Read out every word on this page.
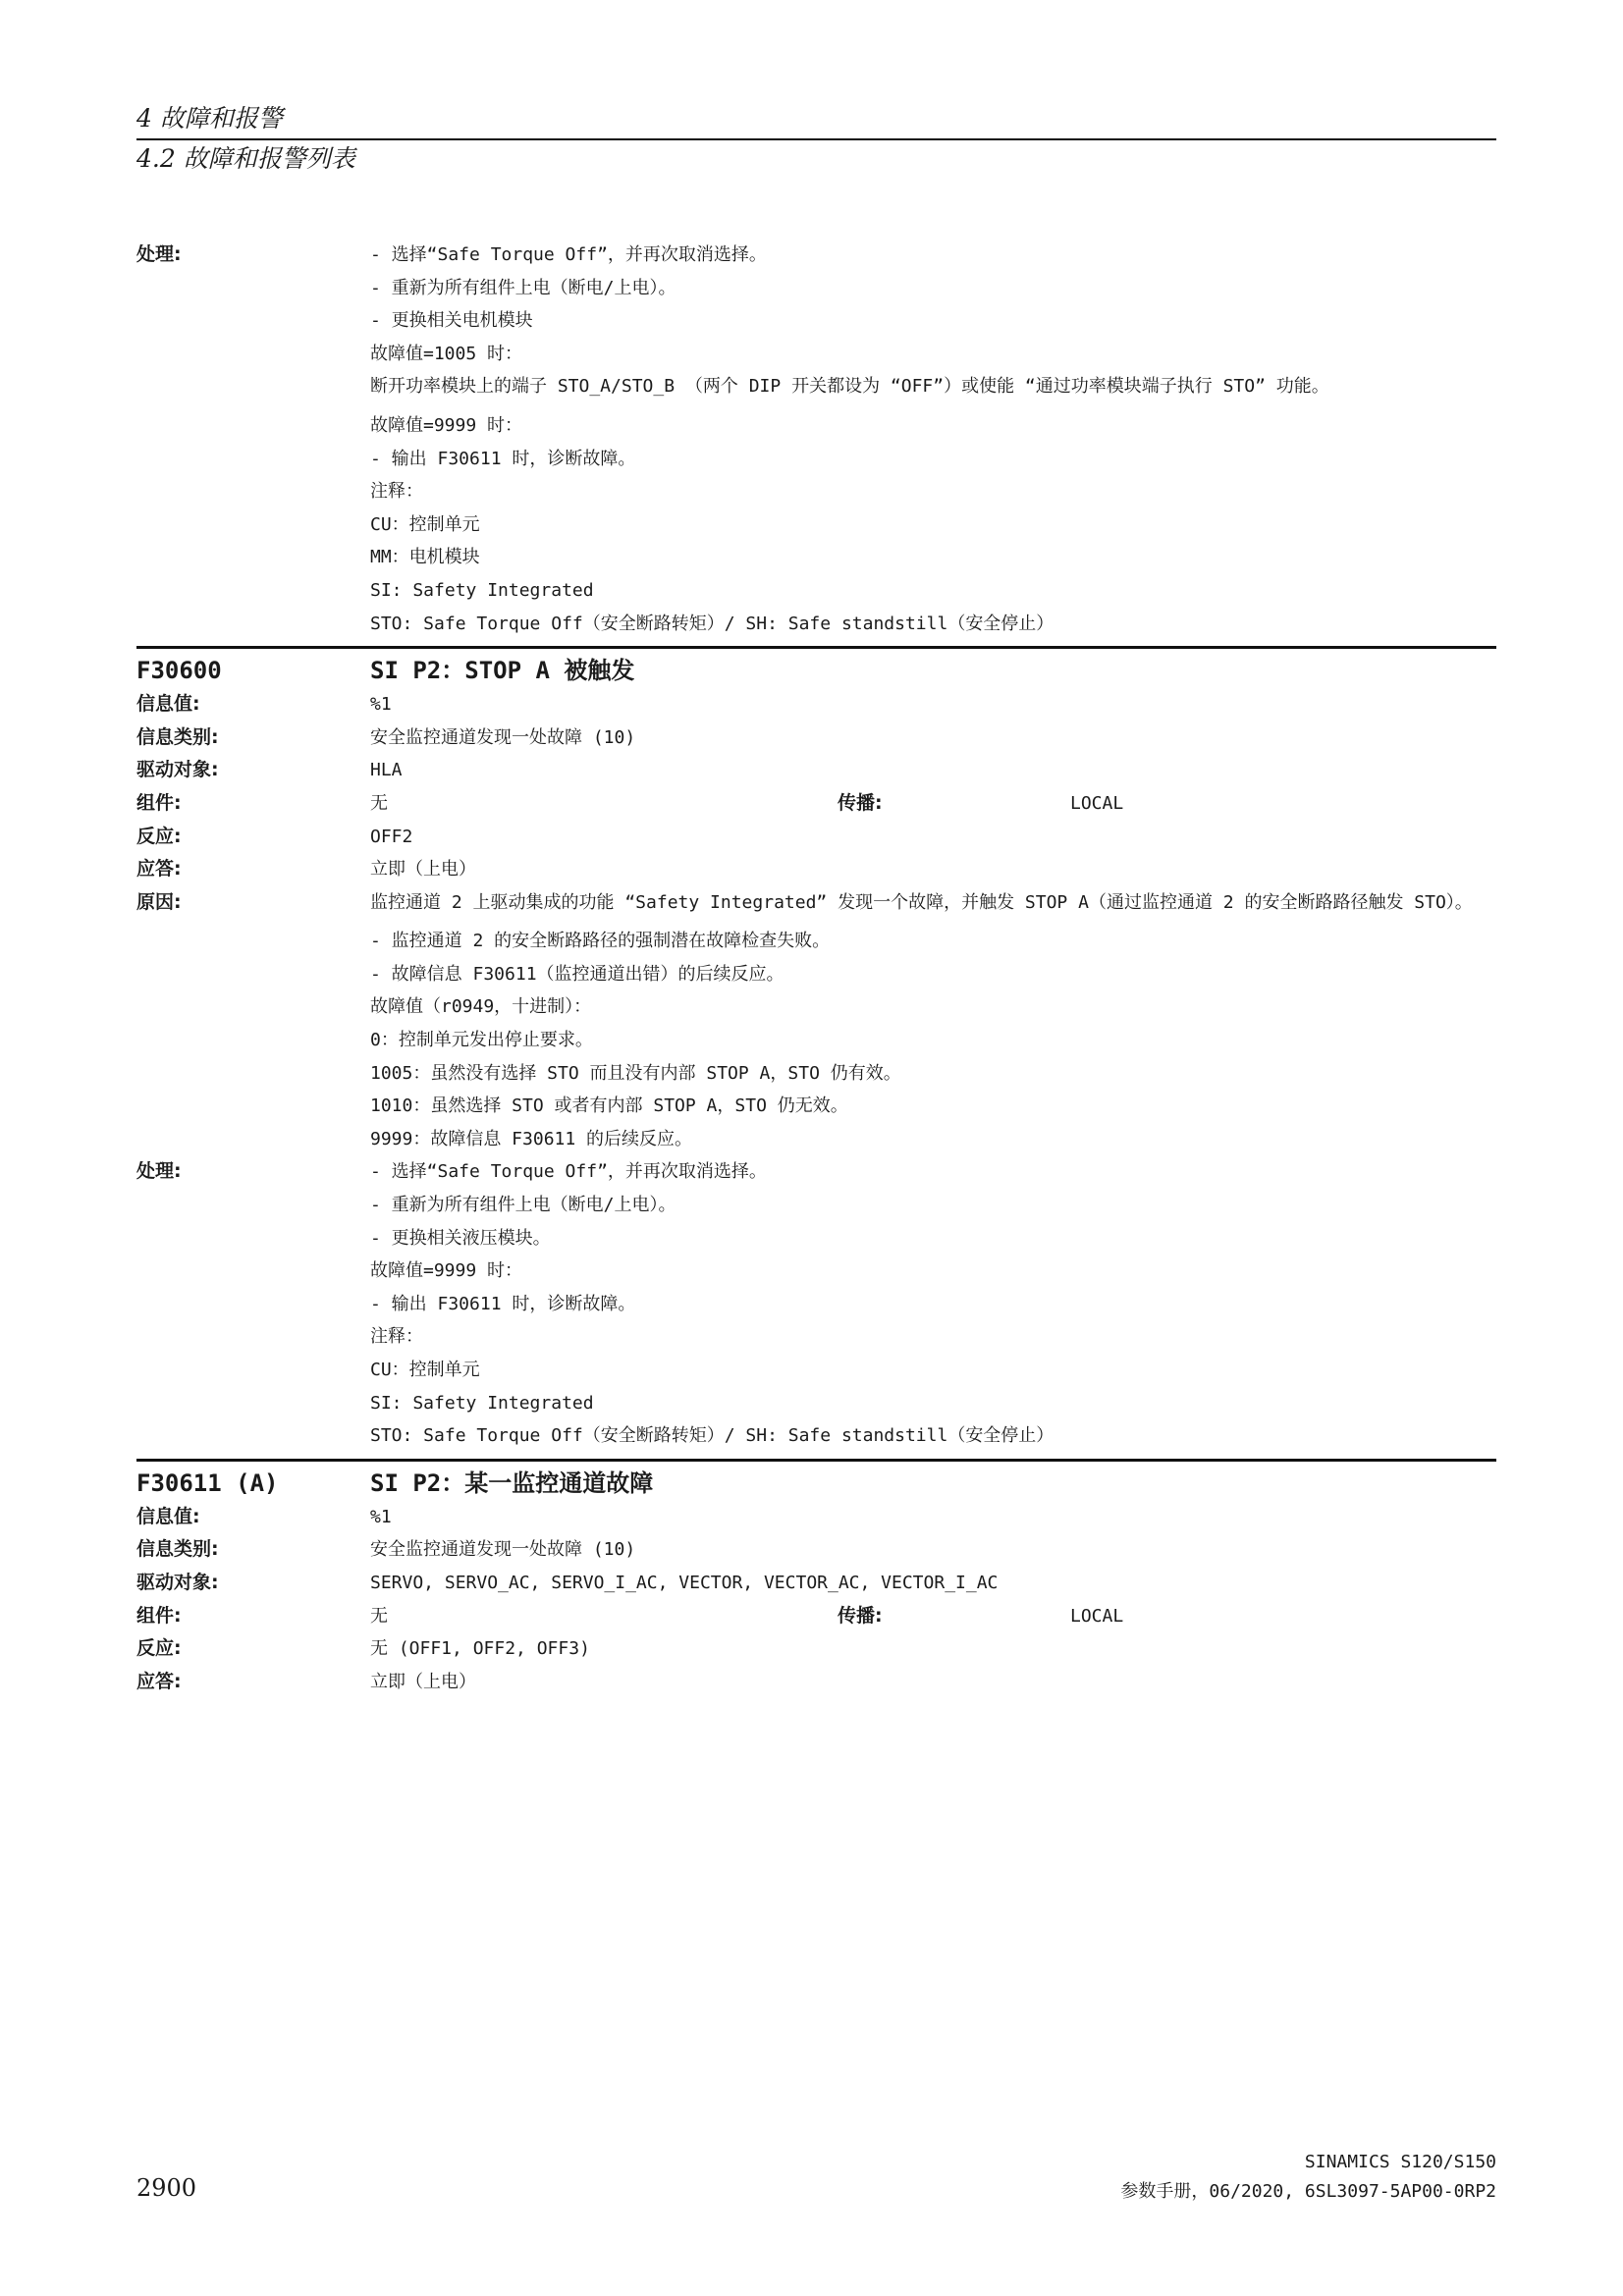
4 故障和报警
4.2 故障和报警列表
处理:	- 选择“Safe Torque Off”，并再次取消选择。
- 重新为所有组件上电（断电/上电）。
- 更换相关电机模块
故障值=1005 时：
断开功率模块上的端子 STO_A/STO_B （两个 DIP 开关都设为 “OFF”）或使能 “通过功率模块端子执行 STO” 功能。
故障值=9999 时：
- 输出 F30611 时，诊断故障。
注释：
CU：控制单元
MM：电机模块
SI: Safety Integrated
STO: Safe Torque Off（安全断路转矩）/ SH: Safe standstill（安全停止）
F30600	SI P2：STOP A 被触发
信息值:	%1
信息类别:	安全监控通道发现一处故障 (10)
驱动对象:	HLA
组件:	无	传播:	LOCAL
反应:	OFF2
应答:	立即（上电）
原因:	监控通道 2 上驱动集成的功能 “Safety Integrated” 发现一个故障，并触发 STOP A（通过监控通道 2 的安全断路路径触发 STO）。
- 监控通道 2 的安全断路路径的强制潜在故障检查失败。
- 故障信息 F30611（监控通道出错）的后续反应。
故障值（r0949，十进制）：
0：控制单元发出停止要求。
1005：虽然没有选择 STO 而且没有内部 STOP A，STO 仍有效。
1010：虽然选择 STO 或者有内部 STOP A，STO 仍无效。
9999：故障信息 F30611 的后续反应。
处理:	- 选择“Safe Torque Off”，并再次取消选择。
- 重新为所有组件上电（断电/上电）。
- 更换相关液压模块。
故障值=9999 时：
- 输出 F30611 时，诊断故障。
注释：
CU：控制单元
SI: Safety Integrated
STO: Safe Torque Off（安全断路转矩）/ SH: Safe standstill（安全停止）
F30611 (A)	SI P2：某一监控通道故障
信息值:	%1
信息类别:	安全监控通道发现一处故障 (10)
驱动对象:	SERVO, SERVO_AC, SERVO_I_AC, VECTOR, VECTOR_AC, VECTOR_I_AC
组件:	无	传播:	LOCAL
反应:	无 (OFF1, OFF2, OFF3)
应答:	立即（上电）
2900
SINAMICS S120/S150
参数手册，06/2020, 6SL3097-5AP00-0RP2
